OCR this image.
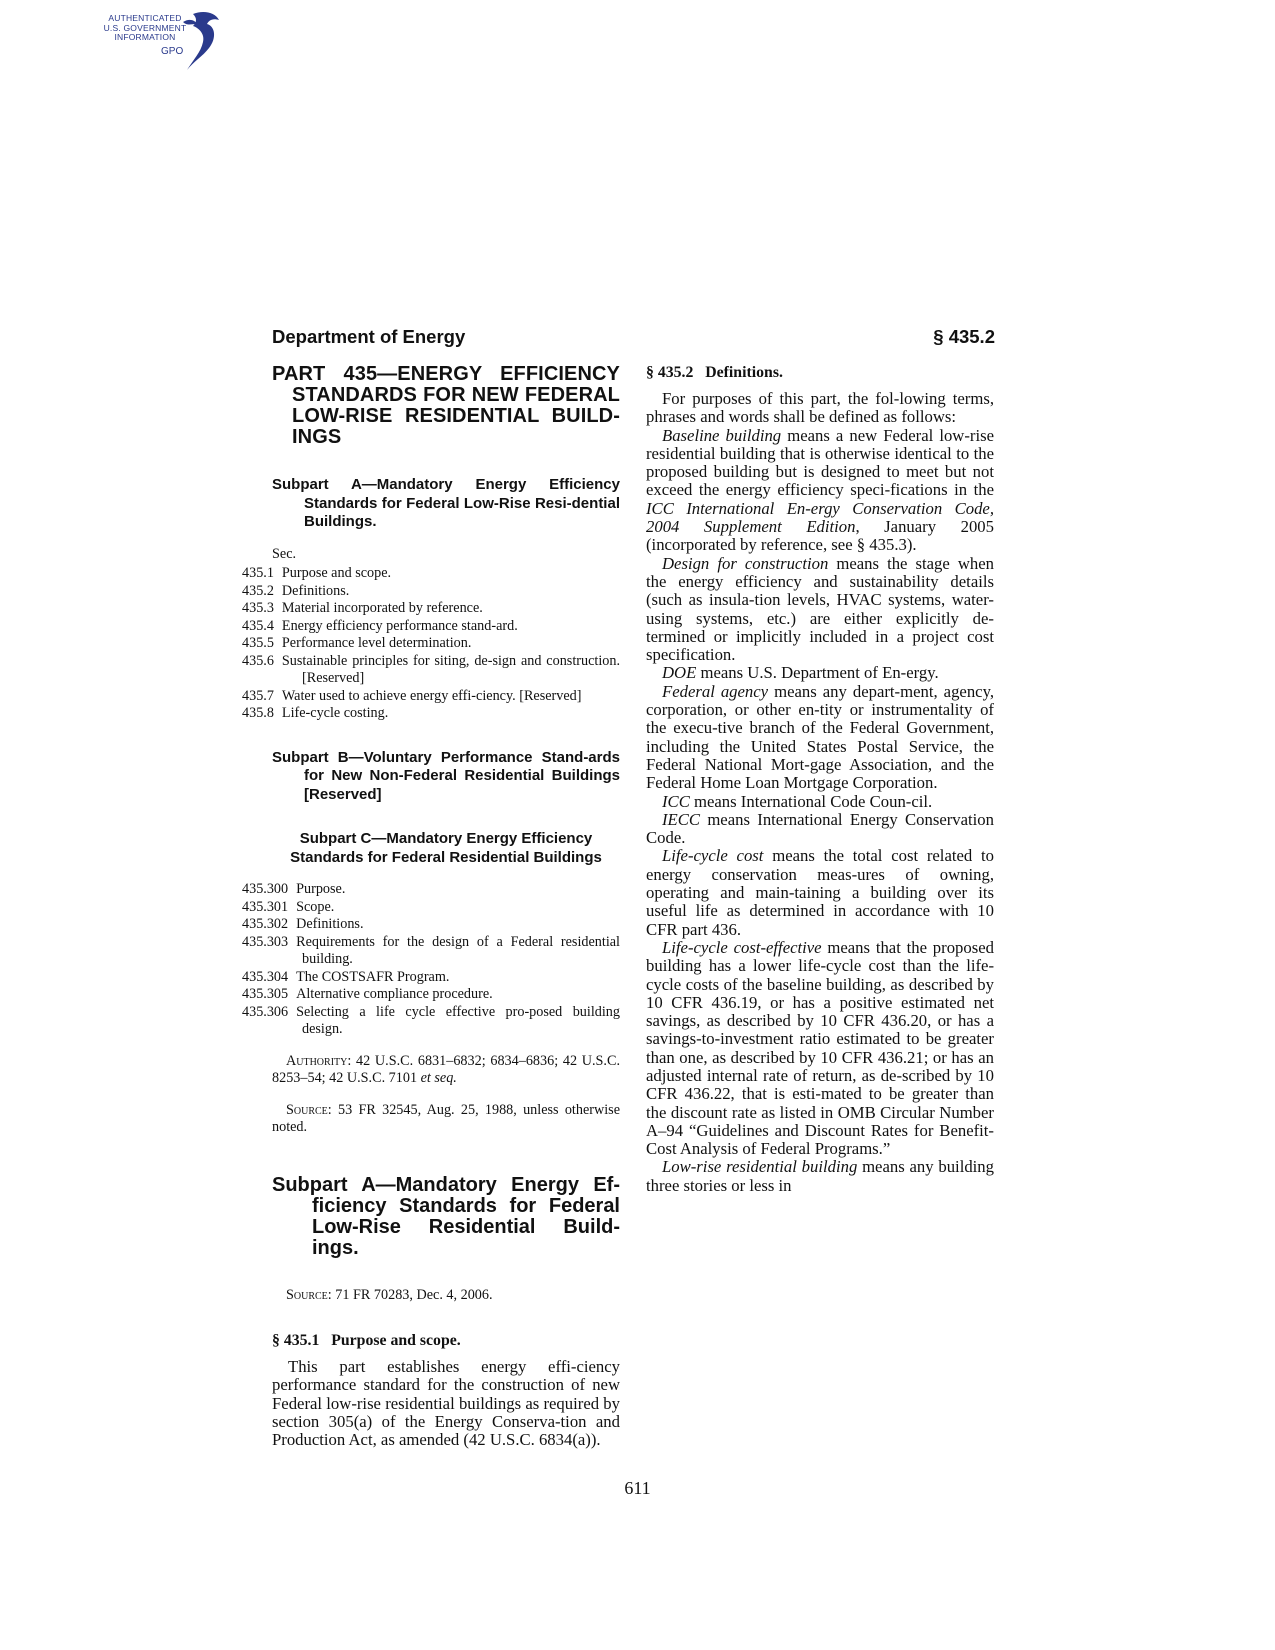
AUTHENTICATED
U.S. GOVERNMENT
INFORMATION
GPO
Department of Energy	§ 435.2
PART 435—ENERGY EFFICIENCY STANDARDS FOR NEW FEDERAL LOW-RISE RESIDENTIAL BUILD-INGS
Subpart A—Mandatory Energy Efficiency Standards for Federal Low-Rise Resi-dential Buildings.
Sec.
435.1 Purpose and scope.
435.2 Definitions.
435.3 Material incorporated by reference.
435.4 Energy efficiency performance stand-ard.
435.5 Performance level determination.
435.6 Sustainable principles for siting, de-sign and construction. [Reserved]
435.7 Water used to achieve energy effi-ciency. [Reserved]
435.8 Life-cycle costing.
Subpart B—Voluntary Performance Stand-ards for New Non-Federal Residential Buildings [Reserved]
Subpart C—Mandatory Energy Efficiency Standards for Federal Residential Buildings
435.300 Purpose.
435.301 Scope.
435.302 Definitions.
435.303 Requirements for the design of a Federal residential building.
435.304 The COSTSAFR Program.
435.305 Alternative compliance procedure.
435.306 Selecting a life cycle effective pro-posed building design.

Authority: 42 U.S.C. 6831–6832; 6834–6836; 42 U.S.C. 8253–54; 42 U.S.C. 7101 et seq.

Source: 53 FR 32545, Aug. 25, 1988, unless otherwise noted.

Subpart A—Mandatory Energy Ef-ficiency Standards for Federal Low-Rise Residential Build-ings.

Source: 71 FR 70283, Dec. 4, 2006.

§ 435.1   Purpose and scope.

This part establishes energy effi-ciency performance standard for the construction of new Federal low-rise residential buildings as required by section 305(a) of the Energy Conserva-tion and Production Act, as amended (42 U.S.C. 6834(a)).

§ 435.2   Definitions.

For purposes of this part, the fol-lowing terms, phrases and words shall be defined as follows:

Baseline building means a new Federal low-rise residential building that is otherwise identical to the proposed building but is designed to meet but not exceed the energy efficiency speci-fications in the ICC International En-ergy Conservation Code, 2004 Supplement Edition, January 2005 (incorporated by reference, see § 435.3).

Design for construction means the stage when the energy efficiency and sustainability details (such as insula-tion levels, HVAC systems, water-using systems, etc.) are either explicitly de-termined or implicitly included in a project cost specification.

DOE means U.S. Department of En-ergy.

Federal agency means any depart-ment, agency, corporation, or other en-tity or instrumentality of the execu-tive branch of the Federal Government, including the United States Postal Service, the Federal National Mort-gage Association, and the Federal Home Loan Mortgage Corporation.

ICC means International Code Coun-cil.

IECC means International Energy Conservation Code.

Life-cycle cost means the total cost related to energy conservation meas-ures of owning, operating and main-taining a building over its useful life as determined in accordance with 10 CFR part 436.

Life-cycle cost-effective means that the proposed building has a lower life-cycle cost than the life-cycle costs of the baseline building, as described by 10 CFR 436.19, or has a positive estimated net savings, as described by 10 CFR 436.20, or has a savings-to-investment ratio estimated to be greater than one, as described by 10 CFR 436.21; or has an adjusted internal rate of return, as de-scribed by 10 CFR 436.22, that is esti-mated to be greater than the discount rate as listed in OMB Circular Number A–94 “Guidelines and Discount Rates for Benefit-Cost Analysis of Federal Programs.”

Low-rise residential building means any building three stories or less in

611
